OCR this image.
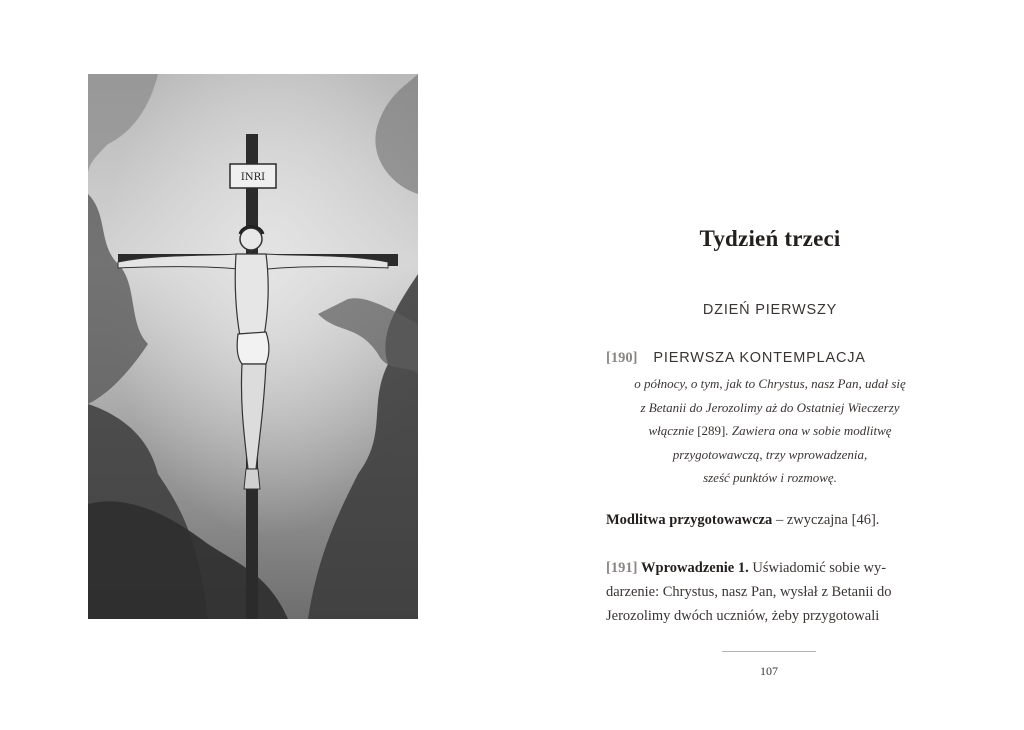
INRI
Tydzień trzeci
DZIEŃ PIERWSZY
[190] PIERWSZA KONTEMPLACJA
o północy, o tym, jak to Chrystus, nasz Pan, udał się
z Betanii do Jerozolimy aż do Ostatniej Wieczerzy
włącznie [289]. Zawiera ona w sobie modlitwę
przygotowawczą, trzy wprowadzenia,
sześć punktów i rozmowę.
Modlitwa przygotowawcza – zwyczajna [46].
[191] Wprowadzenie 1. Uświadomić sobie wy-
darzenie: Chrystus, nasz Pan, wysłał z Betanii do
Jerozolimy dwóch uczniów, żeby przygotowali
107
